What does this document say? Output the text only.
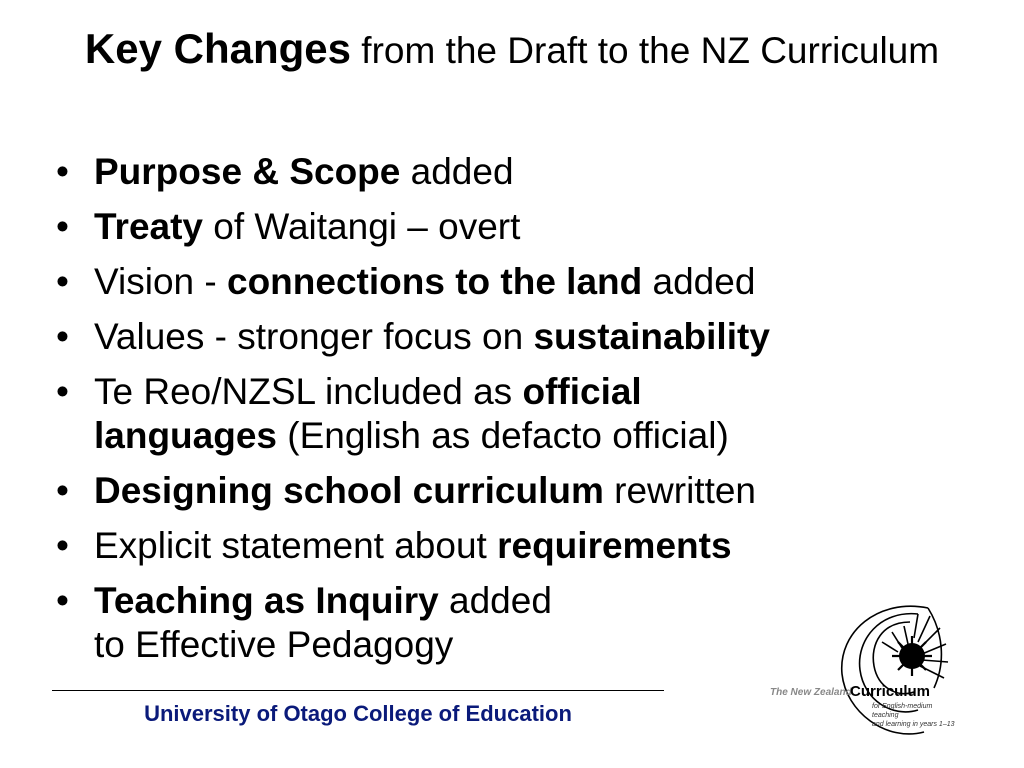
Key Changes from the Draft to the NZ Curriculum
• Purpose & Scope added
• Treaty of Waitangi – overt
• Vision - connections to the land added
• Values - stronger focus on sustainability
• Te Reo/NZSL included as official
languages (English as defacto official)
• Designing school curriculum rewritten
• Explicit statement about requirements
• Teaching as Inquiry added
to Effective Pedagogy
University of Otago College of Education
The New Zealand
Curriculum
for English-medium teaching
and learning in years 1–13
